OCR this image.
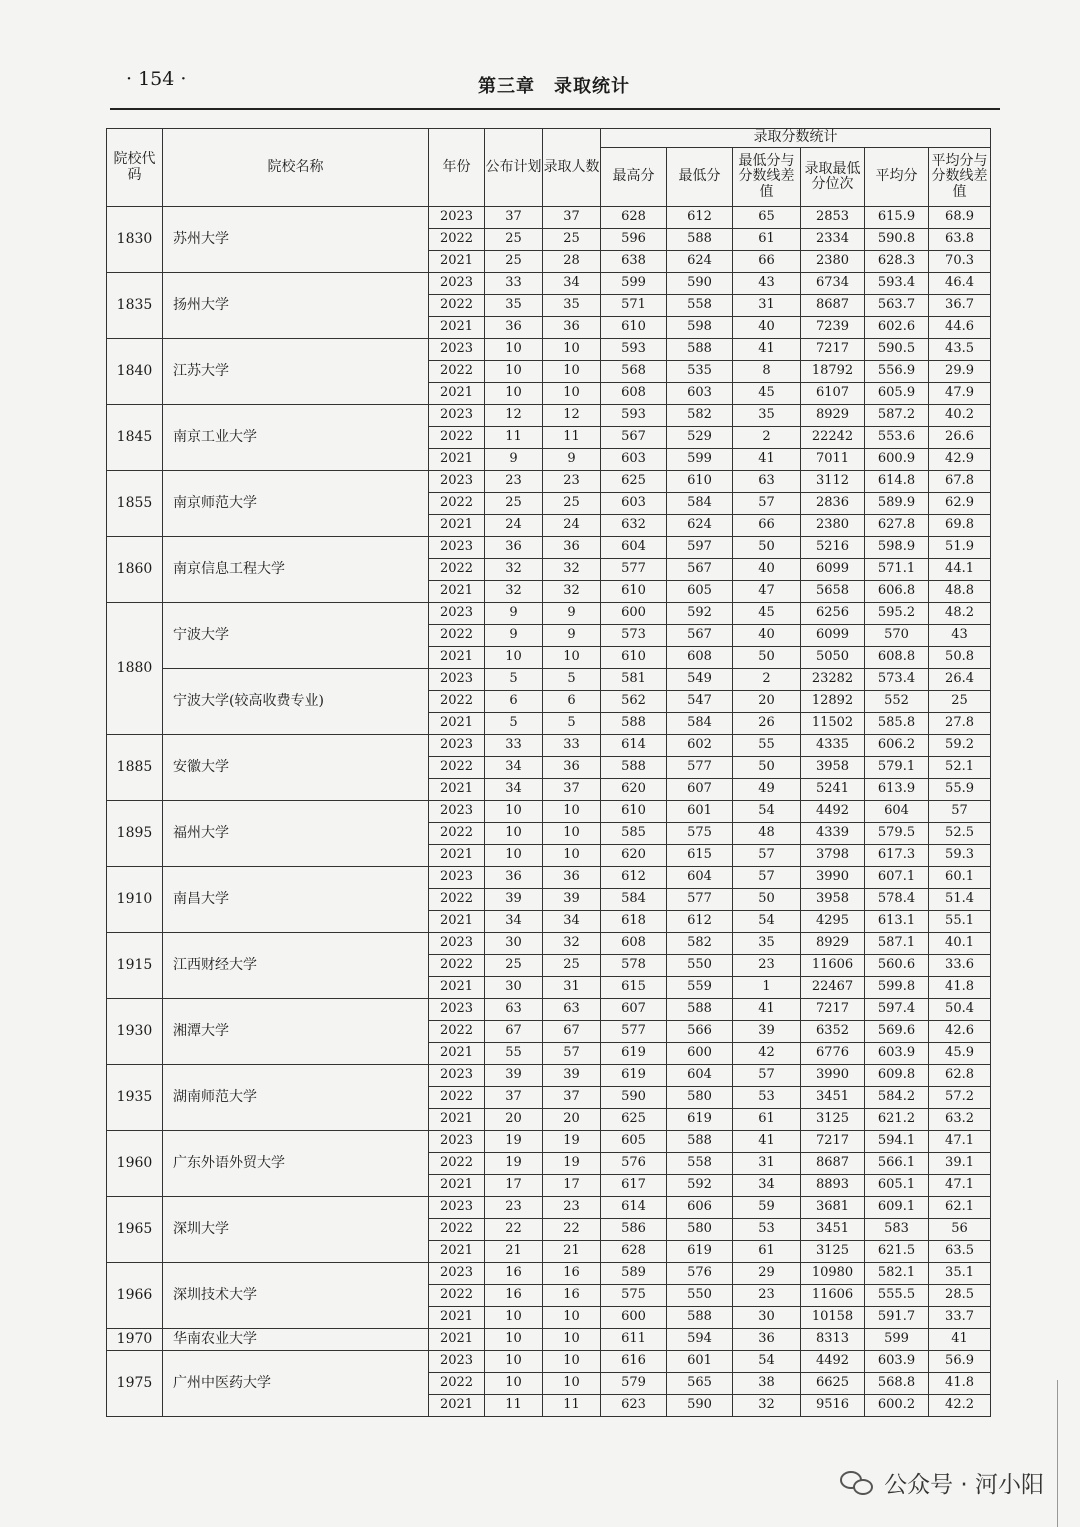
· 154 ·	第三章　录取统计
院校代码	院校名称	年份	公布计划	录取人数	录取分数统计					
					最高分	最低分	最低分与分数线差值	录取最低分位次	平均分	平均分与分数线差值
1830	苏州大学	2023	37	37	628	612	65	2853	615.9	68.9
		2022	25	25	596	588	61	2334	590.8	63.8
		2021	25	28	638	624	66	2380	628.3	70.3
1835	扬州大学	2023	33	34	599	590	43	6734	593.4	46.4
		2022	35	35	571	558	31	8687	563.7	36.7
		2021	36	36	610	598	40	7239	602.6	44.6
1840	江苏大学	2023	10	10	593	588	41	7217	590.5	43.5
		2022	10	10	568	535	8	18792	556.9	29.9
		2021	10	10	608	603	45	6107	605.9	47.9
1845	南京工业大学	2023	12	12	593	582	35	8929	587.2	40.2
		2022	11	11	567	529	2	22242	553.6	26.6
		2021	9	9	603	599	41	7011	600.9	42.9
1855	南京师范大学	2023	23	23	625	610	63	3112	614.8	67.8
		2022	25	25	603	584	57	2836	589.9	62.9
		2021	24	24	632	624	66	2380	627.8	69.8
1860	南京信息工程大学	2023	36	36	604	597	50	5216	598.9	51.9
		2022	32	32	577	567	40	6099	571.1	44.1
		2021	32	32	610	605	47	5658	606.8	48.8
1880	宁波大学	2023	9	9	600	592	45	6256	595.2	48.2
		2022	9	9	573	567	40	6099	570	43
		2021	10	10	610	608	50	5050	608.8	50.8
	宁波大学(较高收费专业)	2023	5	5	581	549	2	23282	573.4	26.4
		2022	6	6	562	547	20	12892	552	25
		2021	5	5	588	584	26	11502	585.8	27.8
1885	安徽大学	2023	33	33	614	602	55	4335	606.2	59.2
		2022	34	36	588	577	50	3958	579.1	52.1
		2021	34	37	620	607	49	5241	613.9	55.9
1895	福州大学	2023	10	10	610	601	54	4492	604	57
		2022	10	10	585	575	48	4339	579.5	52.5
		2021	10	10	620	615	57	3798	617.3	59.3
1910	南昌大学	2023	36	36	612	604	57	3990	607.1	60.1
		2022	39	39	584	577	50	3958	578.4	51.4
		2021	34	34	618	612	54	4295	613.1	55.1
1915	江西财经大学	2023	30	32	608	582	35	8929	587.1	40.1
		2022	25	25	578	550	23	11606	560.6	33.6
		2021	30	31	615	559	1	22467	599.8	41.8
1930	湘潭大学	2023	63	63	607	588	41	7217	597.4	50.4
		2022	67	67	577	566	39	6352	569.6	42.6
		2021	55	57	619	600	42	6776	603.9	45.9
1935	湖南师范大学	2023	39	39	619	604	57	3990	609.8	62.8
		2022	37	37	590	580	53	3451	584.2	57.2
		2021	20	20	625	619	61	3125	621.2	63.2
1960	广东外语外贸大学	2023	19	19	605	588	41	7217	594.1	47.1
		2022	19	19	576	558	31	8687	566.1	39.1
		2021	17	17	617	592	34	8893	605.1	47.1
1965	深圳大学	2023	23	23	614	606	59	3681	609.1	62.1
		2022	22	22	586	580	53	3451	583	56
		2021	21	21	628	619	61	3125	621.5	63.5
1966	深圳技术大学	2023	16	16	589	576	29	10980	582.1	35.1
		2022	16	16	575	550	23	11606	555.5	28.5
		2021	10	10	600	588	30	10158	591.7	33.7
1970	华南农业大学	2021	10	10	611	594	36	8313	599	41
1975	广州中医药大学	2023	10	10	616	601	54	4492	603.9	56.9
		2022	10	10	579	565	38	6625	568.8	41.8
		2021	11	11	623	590	32	9516	600.2	42.2
公众号 · 河小阳
